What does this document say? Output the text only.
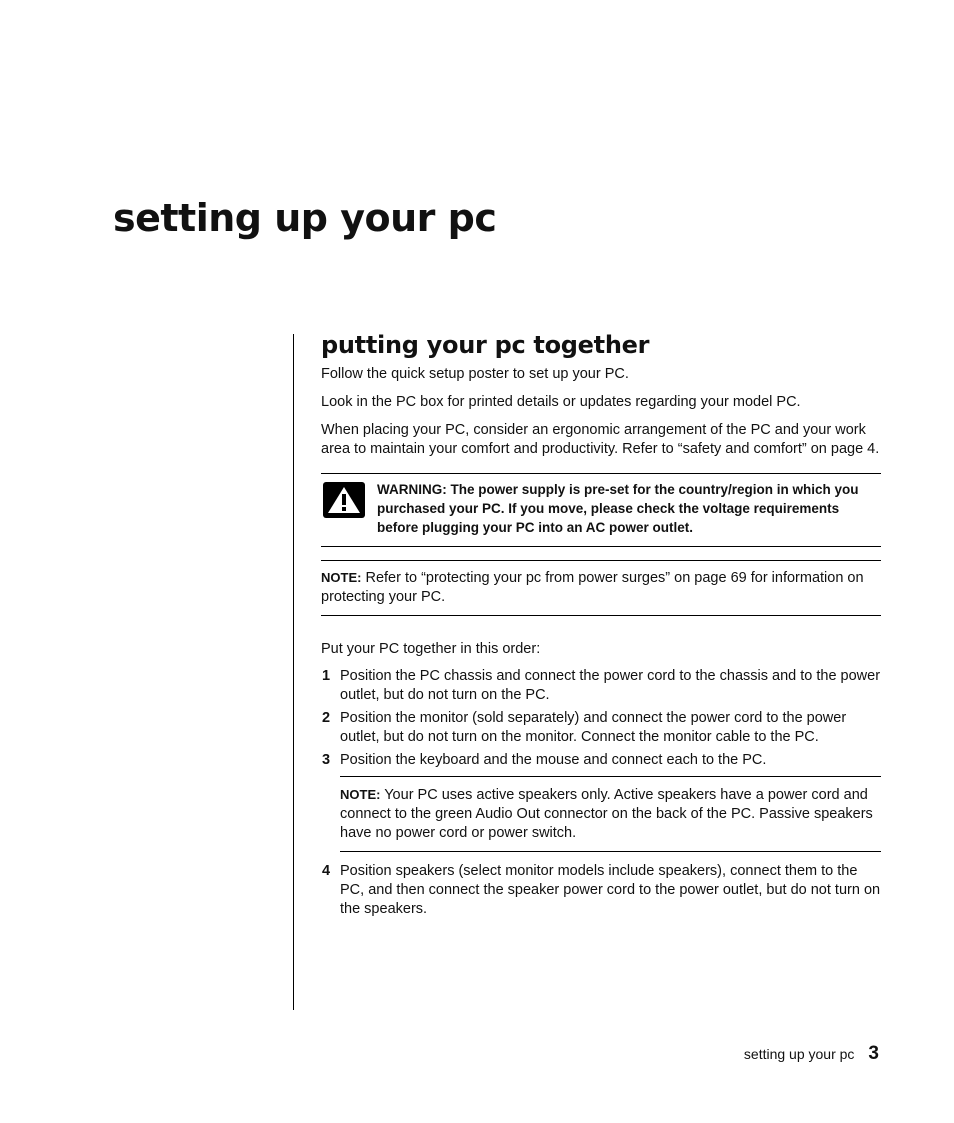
setting up your pc
putting your pc together

Follow the quick setup poster to set up your PC.

Look in the PC box for printed details or updates regarding your model PC.

When placing your PC, consider an ergonomic arrangement of the PC and your work area to maintain your comfort and productivity. Refer to “safety and comfort” on page 4.

WARNING: The power supply is pre-set for the country/region in which you purchased your PC. If you move, please check the voltage requirements before plugging your PC into an AC power outlet.
NOTE: Refer to “protecting your pc from power surges” on page 69 for information on protecting your PC.

Put your PC together in this order:

1 Position the PC chassis and connect the power cord to the chassis and to the power outlet, but do not turn on the PC.
2 Position the monitor (sold separately) and connect the power cord to the power outlet, but do not turn on the monitor. Connect the monitor cable to the PC.
3 Position the keyboard and the mouse and connect each to the PC.
NOTE: Your PC uses active speakers only. Active speakers have a power cord and connect to the green Audio Out connector on the back of the PC. Passive speakers have no power cord or power switch.
4 Position speakers (select monitor models include speakers), connect them to the PC, and then connect the speaker power cord to the power outlet, but do not turn on the speakers.
setting up your pc 3
